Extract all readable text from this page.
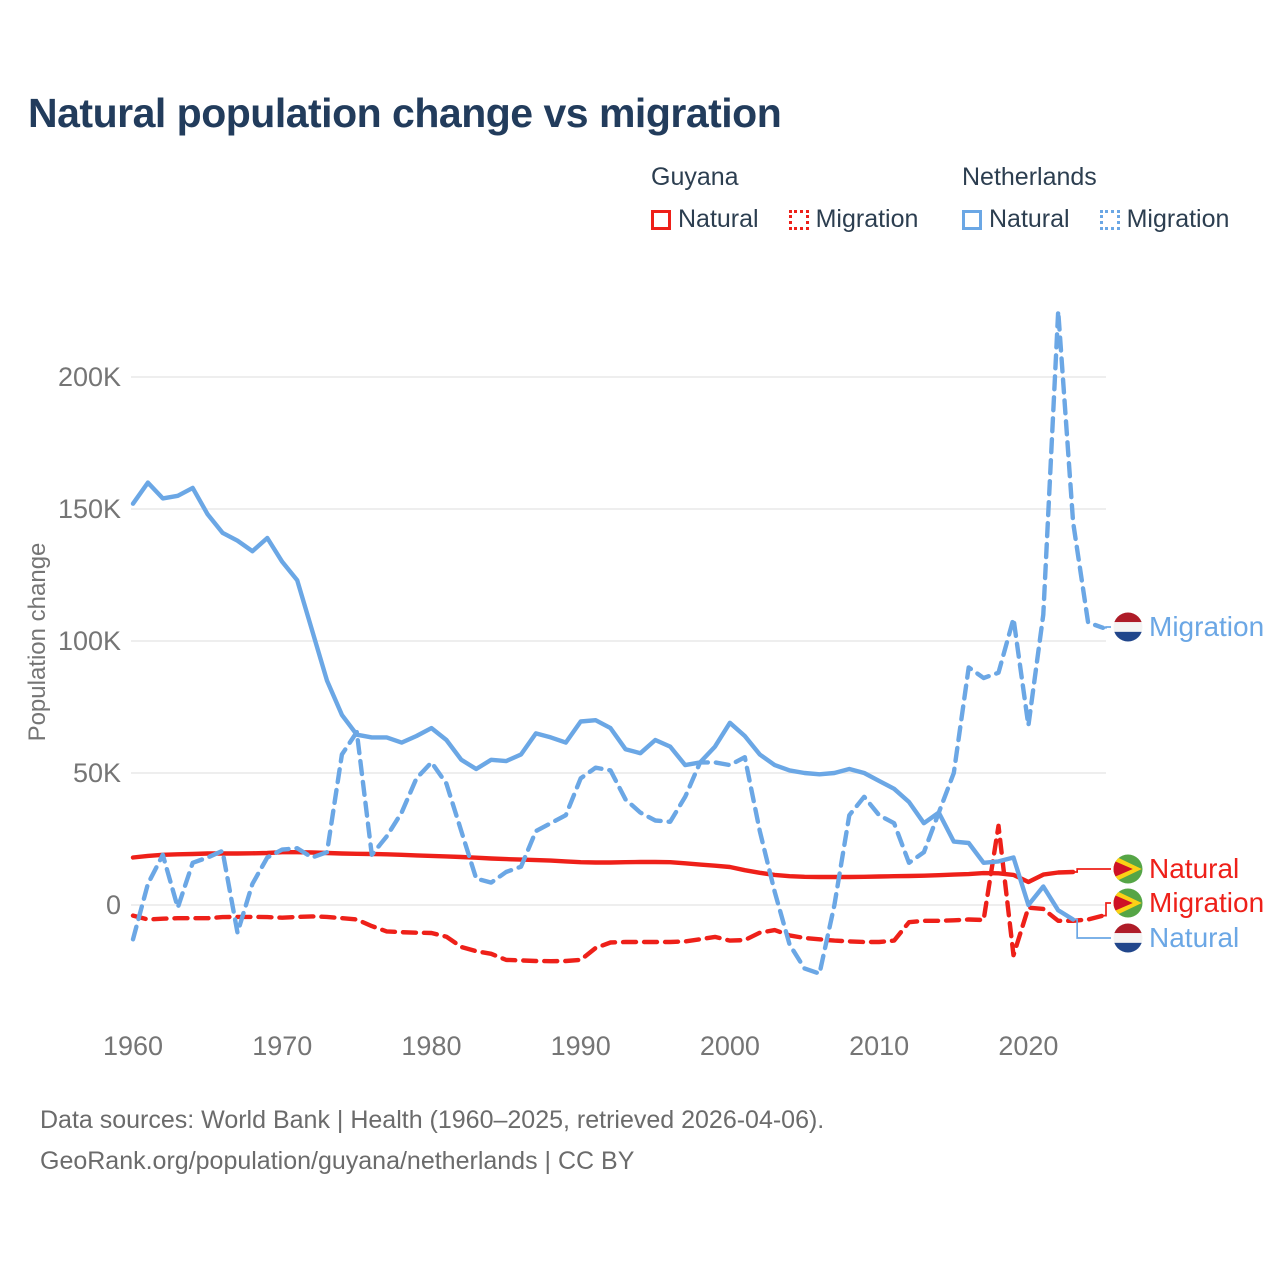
Natural population change vs migration
Guyana
Natural Migration
Netherlands
Natural Migration
0
50K
100K
150K
200K
1960	1970	1980	1990	2000	2010	2020
Population change	Migration
Natural
Migration
Natural
Data sources: World Bank | Health (1960–2025, retrieved 2026-04-06).
GeoRank.org/population/guyana/netherlands | CC BY
